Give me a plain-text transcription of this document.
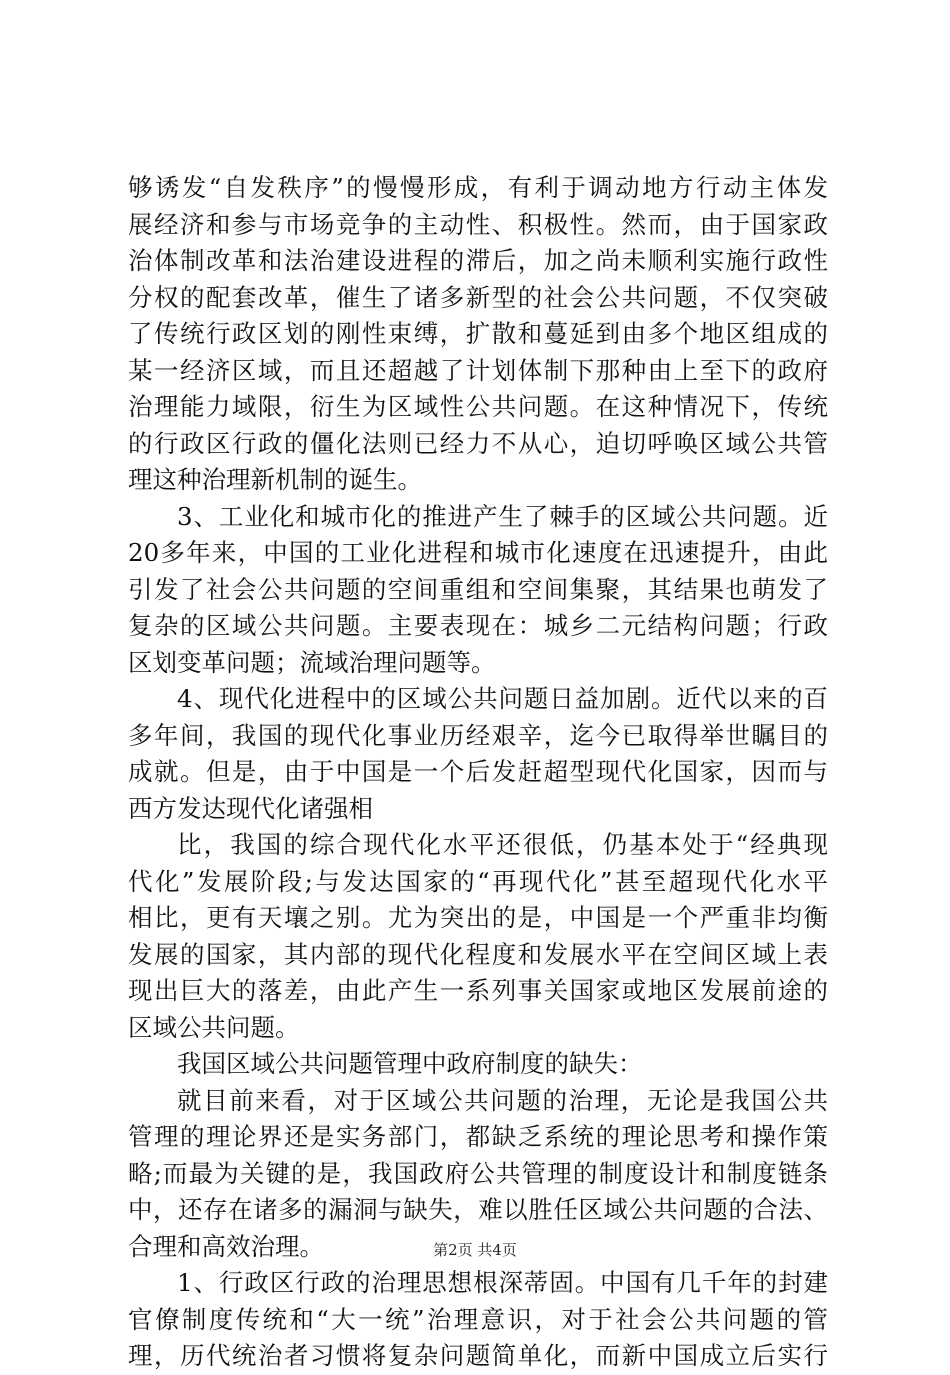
够诱发“自发秩序”的慢慢形成，有利于调动地方行动主体发
展经济和参与市场竞争的主动性、积极性。然而，由于国家政
治体制改革和法治建设进程的滞后，加之尚未顺利实施行政性
分权的配套改革，催生了诸多新型的社会公共问题，不仅突破
了传统行政区划的刚性束缚，扩散和蔓延到由多个地区组成的
某一经济区域，而且还超越了计划体制下那种由上至下的政府
治理能力域限，衍生为区域性公共问题。在这种情况下，传统
的行政区行政的僵化法则已经力不从心，迫切呼唤区域公共管
理这种治理新机制的诞生。
3、工业化和城市化的推进产生了棘手的区域公共问题。近
20多年来，中国的工业化进程和城市化速度在迅速提升，由此
引发了社会公共问题的空间重组和空间集聚，其结果也萌发了
复杂的区域公共问题。主要表现在：城乡二元结构问题；行政
区划变革问题；流域治理问题等。
4、现代化进程中的区域公共问题日益加剧。近代以来的百
多年间，我国的现代化事业历经艰辛，迄今已取得举世瞩目的
成就。但是，由于中国是一个后发赶超型现代化国家，因而与
西方发达现代化诸强相
比，我国的综合现代化水平还很低，仍基本处于“经典现
代化”发展阶段;与发达国家的“再现代化”甚至超现代化水平
相比，更有天壤之别。尤为突出的是，中国是一个严重非均衡
发展的国家，其内部的现代化程度和发展水平在空间区域上表
现出巨大的落差，由此产生一系列事关国家或地区发展前途的
区域公共问题。
我国区域公共问题管理中政府制度的缺失：
就目前来看，对于区域公共问题的治理，无论是我国公共
管理的理论界还是实务部门，都缺乏系统的理论思考和操作策
略;而最为关键的是，我国政府公共管理的制度设计和制度链条
中，还存在诸多的漏洞与缺失，难以胜任区域公共问题的合法、
合理和高效治理。
1、行政区行政的治理思想根深蒂固。中国有几千年的封建
官僚制度传统和“大一统”治理意识，对于社会公共问题的管
理，历代统治者习惯将复杂问题简单化，而新中国成立后实行
第2页 共4页
